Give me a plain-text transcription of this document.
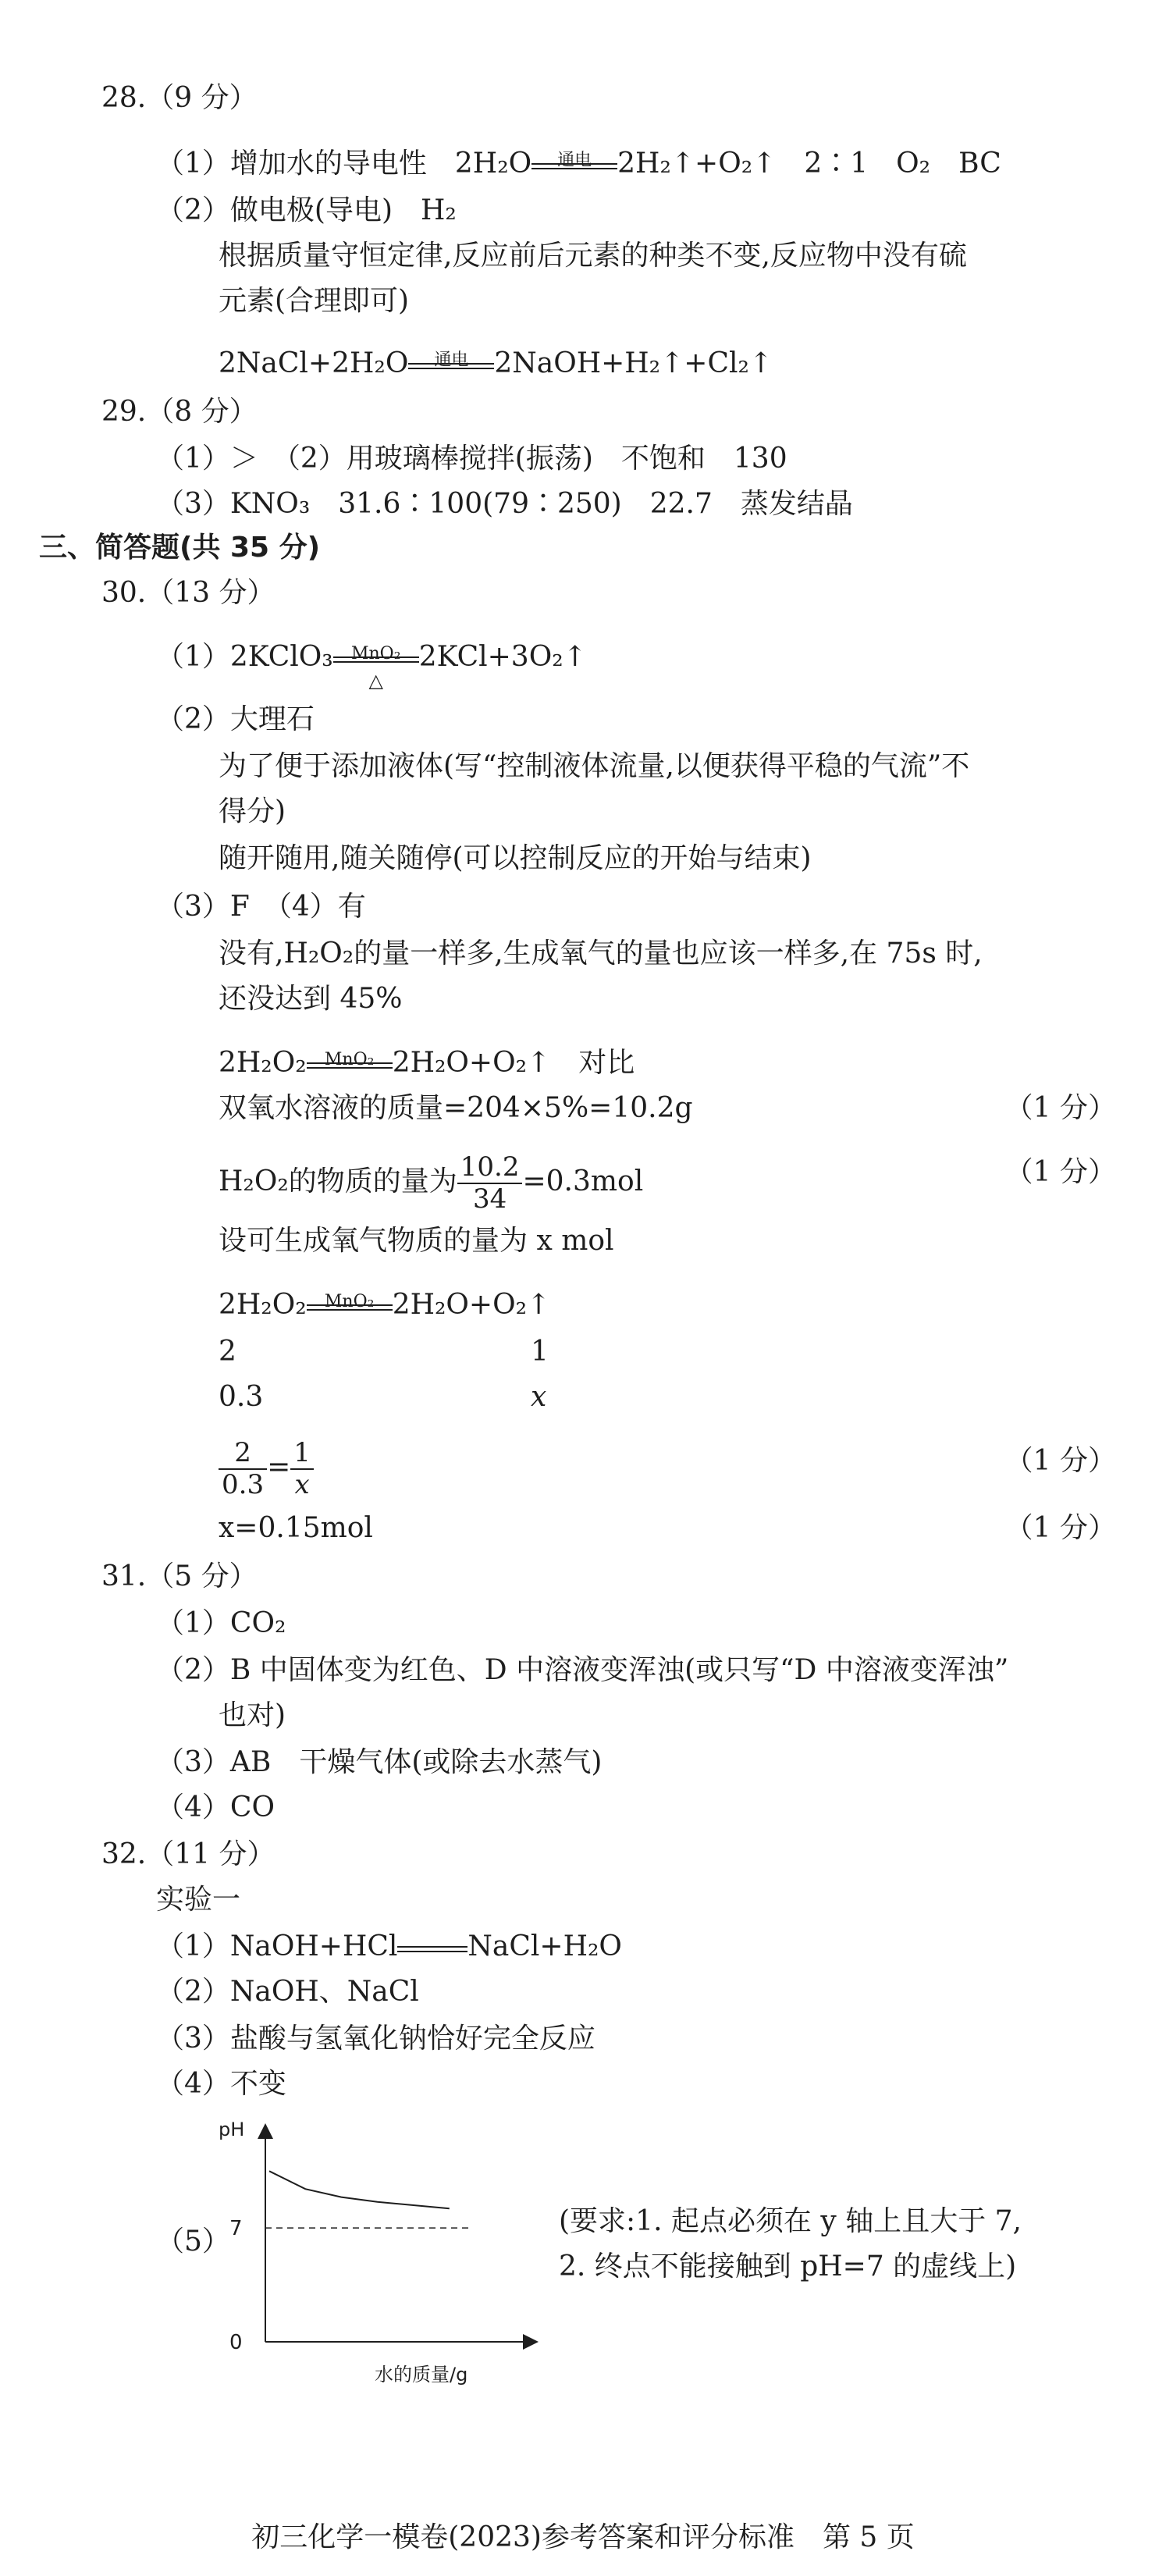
28.（9 分）
（1）增加水的导电性　2H₂O	通电 2H₂↑+O₂↑　2∶1　O₂　BC
（2）做电极(导电)　H₂
根据质量守恒定律,反应前后元素的种类不变,反应物中没有硫
元素(合理即可)
2NaCl+2H₂O	通电 2NaOH+H₂↑+Cl₂↑
29.（8 分）
（1）＞　（2）用玻璃棒搅拌(振荡)　不饱和　130
（3）KNO₃　31.6∶100(79∶250)　22.7　蒸发结晶
三、简答题(共 35 分)
30.（13 分）
（1）2KClO₃	MnO₂
△
2KCl+3O₂↑
（2）大理石
为了便于添加液体(写“控制液体流量,以便获得平稳的气流”不
得分)
随开随用,随关随停(可以控制反应的开始与结束)
（3）F　（4）有
没有,H₂O₂的量一样多,生成氧气的量也应该一样多,在 75s 时,
还没达到 45%
2H₂O₂	MnO₂ 2H₂O+O₂↑　对比
双氧水溶液的质量=204×5%=10.2g	（1 分）
H₂O₂的物质的量为 $\frac{10.2}{34} =0.3mol$	（1 分）
设可生成氧气物质的量为 x mol
2H₂O₂	MnO₂ 2H₂O+O₂↑
2	1
0.3	x
$\frac{2}{0.3} = \frac{1}{x}$	（1 分）
x=0.15mol	（1 分）
31.（5 分）
（1）CO₂
（2）B 中固体变为红色、D 中溶液变浑浊(或只写“D 中溶液变浑浊”
也对)
（3）AB　干燥气体(或除去水蒸气)
（4）CO
32.（11 分）
实验一
（1）NaOH+HCl	NaCl+H₂O
（2）NaOH、NaCl
（3）盐酸与氢氧化钠恰好完全反应
（4）不变
（5）
pH
水的质量/g
7
0
(要求:1. 起点必须在 y 轴上且大于 7,
2. 终点不能接触到 pH=7 的虚线上)
初三化学一模卷(2023)参考答案和评分标准　第 5 页
